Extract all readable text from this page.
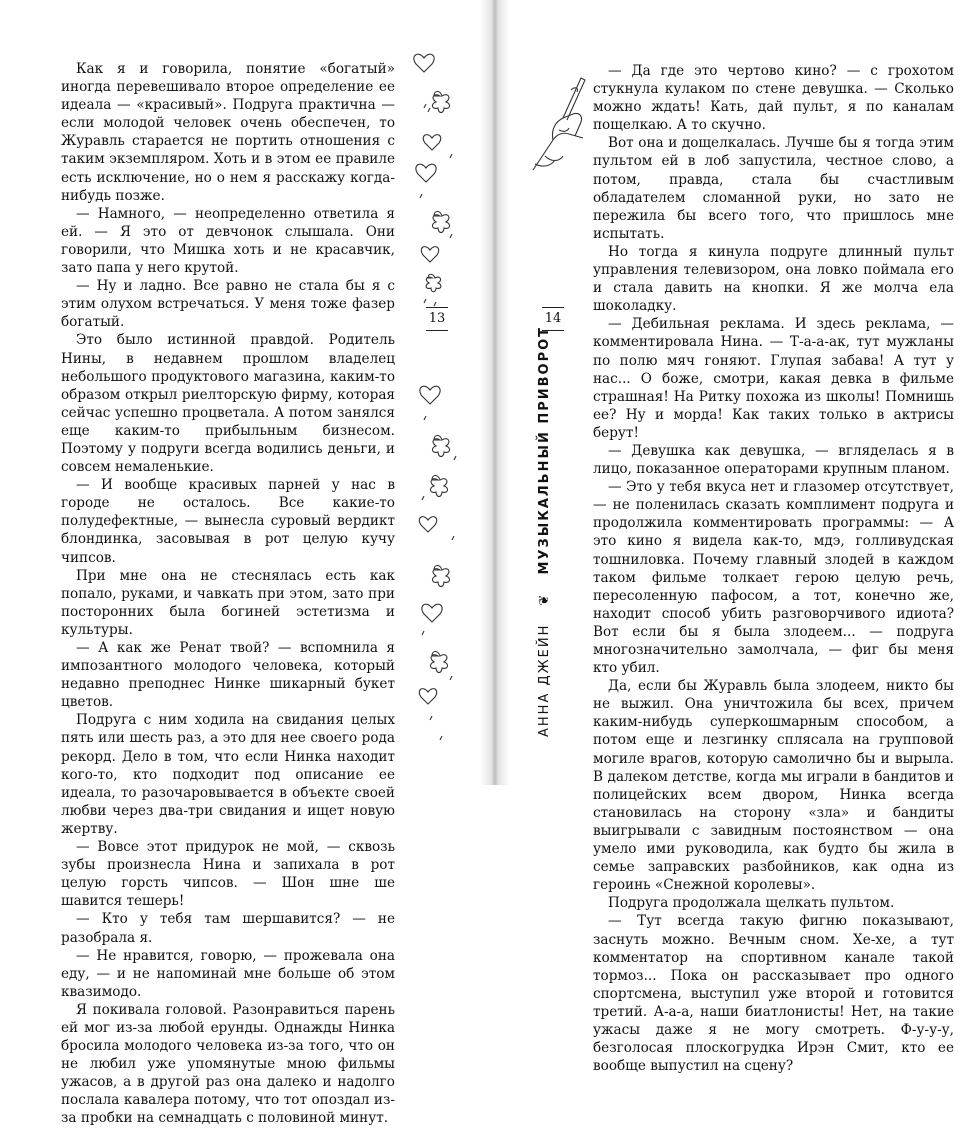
Как я и говорила, понятие «богатый» иногда перевешивало второе определение ее идеала — «красивый». Подруга практична — если молодой человек очень обеспечен, то Журавль старается не портить отношения с таким экземпляром. Хоть и в этом ее правиле есть исключение, но о нем я расскажу когда-нибудь позже.

— Намного, — неопределенно ответила я ей. — Я это от девчонок слышала. Они говорили, что Мишка хоть и не красавчик, зато папа у него крутой.

— Ну и ладно. Все равно не стала бы я с этим олухом встречаться. У меня тоже фазер богатый.

Это было истинной правдой. Родитель Нины, в недавнем прошлом владелец небольшого продуктового магазина, каким-то образом открыл риелторскую фирму, которая сейчас успешно процветала. А потом занялся еще каким-то прибыльным бизнесом. Поэтому у подруги всегда водились деньги, и совсем немаленькие.

— И вообще красивых парней у нас в городе не осталось. Все какие-то полудефектные, — вынесла суровый вердикт блондинка, засовывая в рот целую кучу чипсов.

При мне она не стеснялась есть как попало, руками, и чавкать при этом, зато при посторонних была богиней эстетизма и культуры.

— А как же Ренат твой? — вспомнила я импозантного молодого человека, который недавно преподнес Нинке шикарный букет цветов.

Подруга с ним ходила на свидания целых пять или шесть раз, а это для нее своего рода рекорд. Дело в том, что если Нинка находит кого-то, кто подходит под описание ее идеала, то разочаровывается в объекте своей любви через два-три свидания и ищет новую жертву.

— Вовсе этот придурок не мой, — сквозь зубы произнесла Нина и запихала в рот целую горсть чипсов. — Шон шне ше шавится тешерь!

— Кто у тебя там шершавится? — не разобрала я.

— Не нравится, говорю, — прожевала она еду, — и не напоминай мне больше об этом квазимодо.

Я покивала головой. Разонравиться парень ей мог из-за любой ерунды. Однажды Нинка бросила молодого человека из-за того, что он не любил уже упомянутые мною фильмы ужасов, а в другой раз она далеко и надолго послала кавалера потому, что тот опоздал из-за пробки на семнадцать с половиной минут.

13	14
АННА ДЖЕЙН ❦ МУЗЫКАЛЬНЫЙ ПРИВОРОТ

— Да где это чертово кино? — с грохотом стукнула кулаком по стене девушка. — Сколько можно ждать! Кать, дай пульт, я по каналам пощелкаю. А то скучно.

Вот она и дощелкалась. Лучше бы я тогда этим пультом ей в лоб запустила, честное слово, а потом, правда, стала бы счастливым обладателем сломанной руки, но зато не пережила бы всего того, что пришлось мне испытать.

Но тогда я кинула подруге длинный пульт управления телевизором, она ловко поймала его и стала давить на кнопки. Я же молча ела шоколадку.

— Дебильная реклама. И здесь реклама, — комментировала Нина. — Т-а-а-ак, тут мужланы по полю мяч гоняют. Глупая забава! А тут у нас... О боже, смотри, какая девка в фильме страшная! На Ритку похожа из школы! Помнишь ее? Ну и морда! Как таких только в актрисы берут!

— Девушка как девушка, — вгляделась я в лицо, показанное операторами крупным планом.

— Это у тебя вкуса нет и глазомер отсутствует, — не поленилась сказать комплимент подруга и продолжила комментировать программы: — А это кино я видела как-то, мдэ, голливудская тошниловка. Почему главный злодей в каждом таком фильме толкает герою целую речь, пересоленную пафосом, а тот, конечно же, находит способ убить разговорчивого идиота? Вот если бы я была злодеем... — подруга многозначительно замолчала, — фиг бы меня кто убил.

Да, если бы Журавль была злодеем, никто бы не выжил. Она уничтожила бы всех, причем каким-нибудь суперкошмарным способом, а потом еще и лезгинку сплясала на групповой могиле врагов, которую самолично бы и вырыла. В далеком детстве, когда мы играли в бандитов и полицейских всем двором, Нинка всегда становилась на сторону «зла» и бандиты выигрывали с завидным постоянством — она умело ими руководила, как будто бы жила в семье заправских разбойников, как одна из героинь «Снежной королевы».

Подруга продолжала щелкать пультом.

— Тут всегда такую фигню показывают, заснуть можно. Вечным сном. Хе-хе, а тут комментатор на спортивном канале такой тормоз... Пока он рассказывает про одного спортсмена, выступил уже второй и готовится третий. А-а-а, наши биатлонисты! Нет, на такие ужасы даже я не могу смотреть. Ф-у-у-у, безголосая плоскогрудка Ирэн Смит, кто ее вообще выпустил на сцену?
